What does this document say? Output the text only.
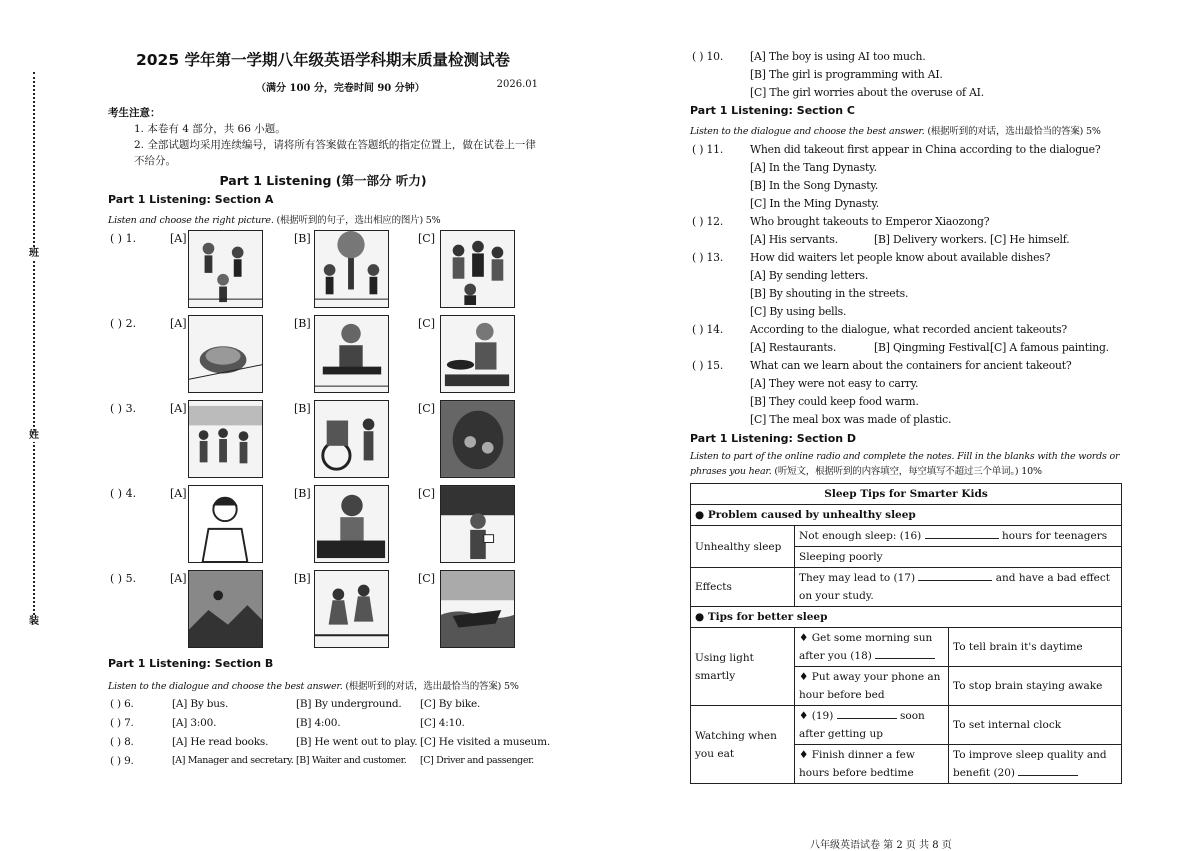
班
姓
装
2025 学年第一学期八年级英语学科期末质量检测试卷
（满分 100 分，完卷时间 90 分钟）	2026.01
考生注意：
1. 本卷有 4 部分，共 66 小题。
2. 全部试题均采用连续编号，请将所有答案做在答题纸的指定位置上，做在试卷上一律不给分。
Part 1 Listening (第一部分 听力)
Part 1 Listening: Section A
Listen and choose the right picture. (根据听到的句子，选出相应的图片) 5%
( ) 1.	[A]	[B]	[C]
( ) 2.	[A]	[B]	[C]
( ) 3.	[A]	[B]	[C]
( ) 4.	[A]	[B]	[C]
( ) 5.	[A]	[B]	[C]
Part 1 Listening: Section B
Listen to the dialogue and choose the best answer. (根据听到的对话，选出最恰当的答案) 5%
( ) 6.	[A] By bus.	[B] By underground. [C] By bike.
( ) 7.	[A] 3:00.	[B] 4:00.	[C] 4:10.
( ) 8.	[A] He read books.	[B] He went out to play. [C] He visited a museum.
( ) 9.	[A] Manager and secretary. [B] Waiter and customer. [C] Driver and passenger.
( ) 10. [A] The boy is using AI too much.
[B] The girl is programming with AI.
[C] The girl worries about the overuse of AI.
Part 1 Listening: Section C
Listen to the dialogue and choose the best answer. (根据听到的对话，选出最恰当的答案) 5%
( ) 11. When did takeout first appear in China according to the dialogue?
[A] In the Tang Dynasty.
[B] In the Song Dynasty.
[C] In the Ming Dynasty.
( ) 12. Who brought takeouts to Emperor Xiaozong?
[A] His servants.	[B] Delivery workers. [C] He himself.
( ) 13. How did waiters let people know about available dishes?
[A] By sending letters.
[B] By shouting in the streets.
[C] By using bells.
( ) 14. According to the dialogue, what recorded ancient takeouts?
[A] Restaurants.	[B] Qingming Festival.
[C] A famous painting.
( ) 15. What can we learn about the containers for ancient takeout?
[A] They were not easy to carry.
[B] They could keep food warm.
[C] The meal box was made of plastic.
Part 1 Listening: Section D
Listen to part of the online radio and complete the notes. Fill in the blanks with the words or phrases you hear. (听短文，根据听到的内容填空，每空填写不超过三个单词。) 10%
Sleep Tips for Smarter Kids		
● Problem caused by unhealthy sleep		
Unhealthy sleep	Not enough sleep: (16) hours for teenagers	
	Sleeping poorly	
Effects	They may lead to (17) and have a bad effect on your study.	
● Tips for better sleep		
Using light smartly	♦ Get some morning sun after you (18)	To tell brain it's daytime
	♦ Put away your phone an hour before bed	To stop brain staying awake
Watching when you eat	♦ (19) soon after getting up	To set internal clock
	♦ Finish dinner a few hours before bedtime	To improve sleep quality and benefit (20)
八年级英语试卷 第 2 页 共 8 页
